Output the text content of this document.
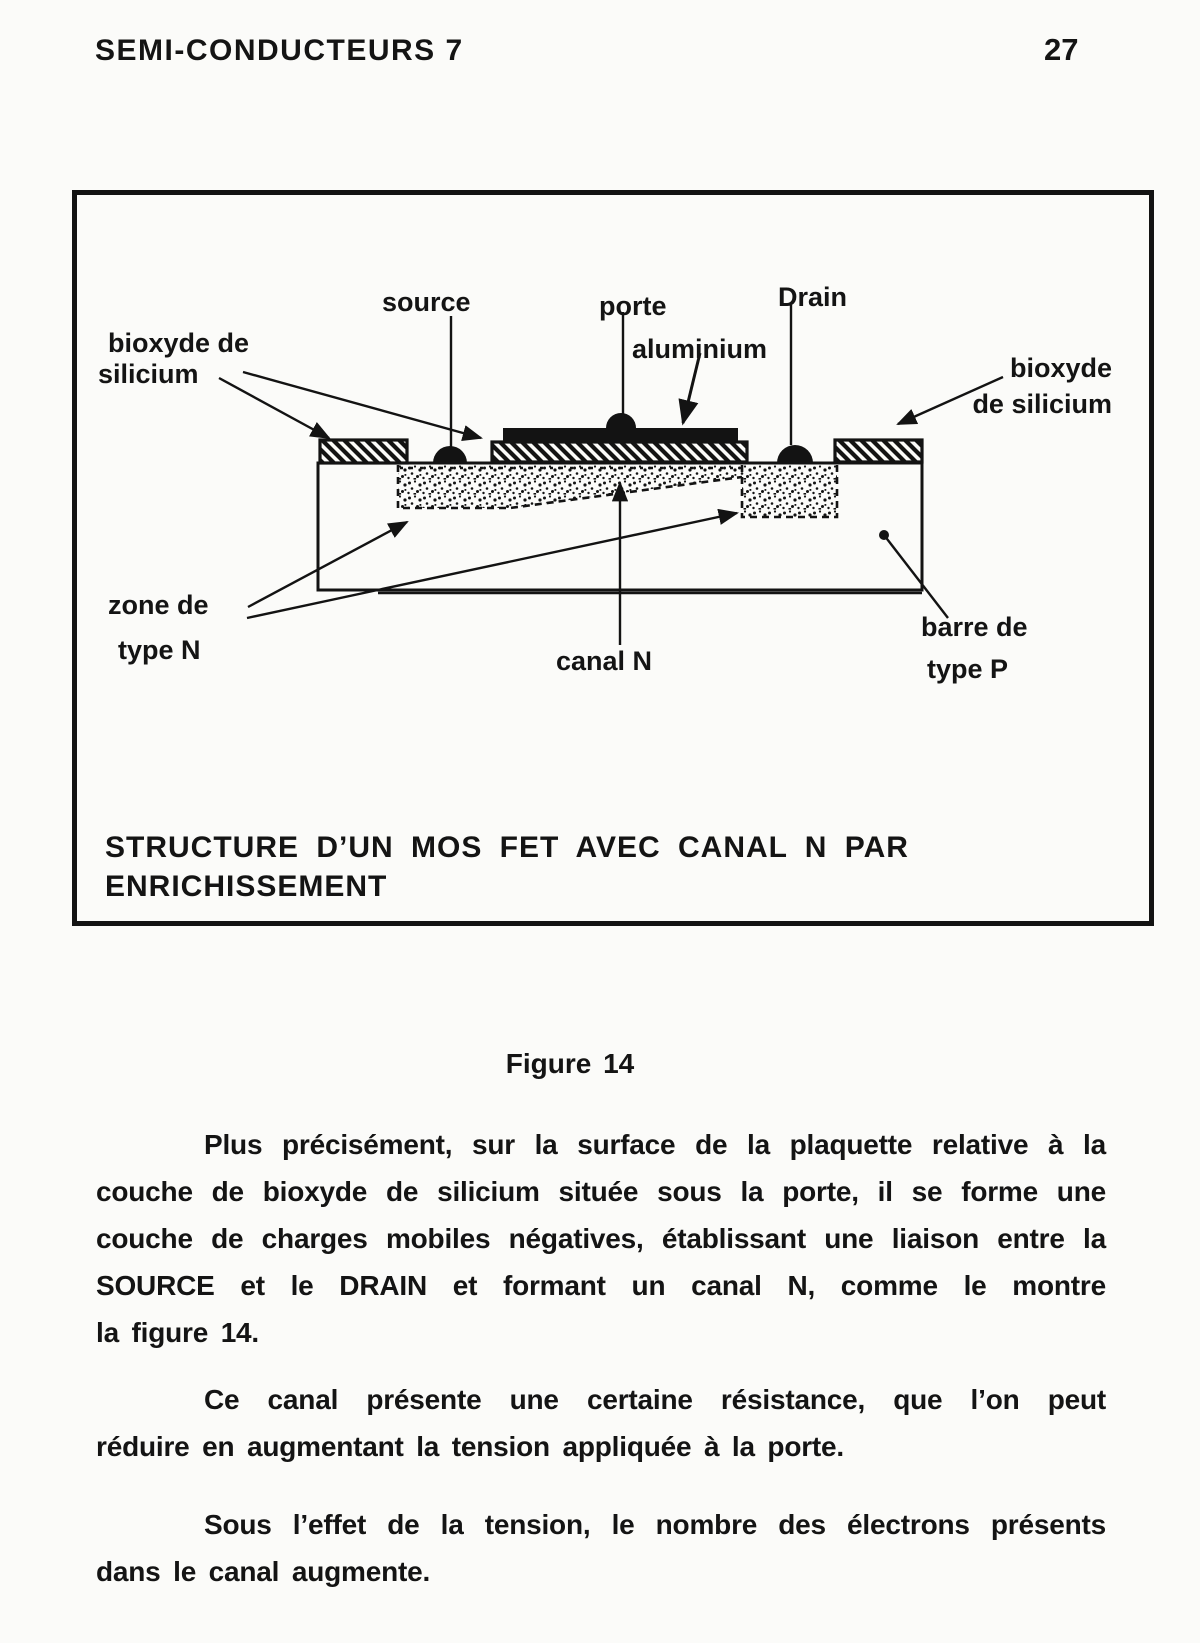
SEMI-CONDUCTEURS 7	27
source	porte
aluminium
Drain
bioxyde de
silicium	bioxyde
de silicium
zone de
type N	canal N
barre de
type P
STRUCTURE D’UN MOS FET AVEC CANAL N PAR
ENRICHISSEMENT
Figure 14
Plus précisément, sur la surface de la plaquette relative à la
couche de bioxyde de silicium située sous la porte, il se forme une
couche de charges mobiles négatives, établissant une liaison entre la
SOURCE et le DRAIN et formant un canal N, comme le montre
la figure 14.
Ce canal présente une certaine résistance, que l’on peut
réduire en augmentant la tension appliquée à la porte.
Sous l’effet de la tension, le nombre des électrons présents
dans le canal augmente.
